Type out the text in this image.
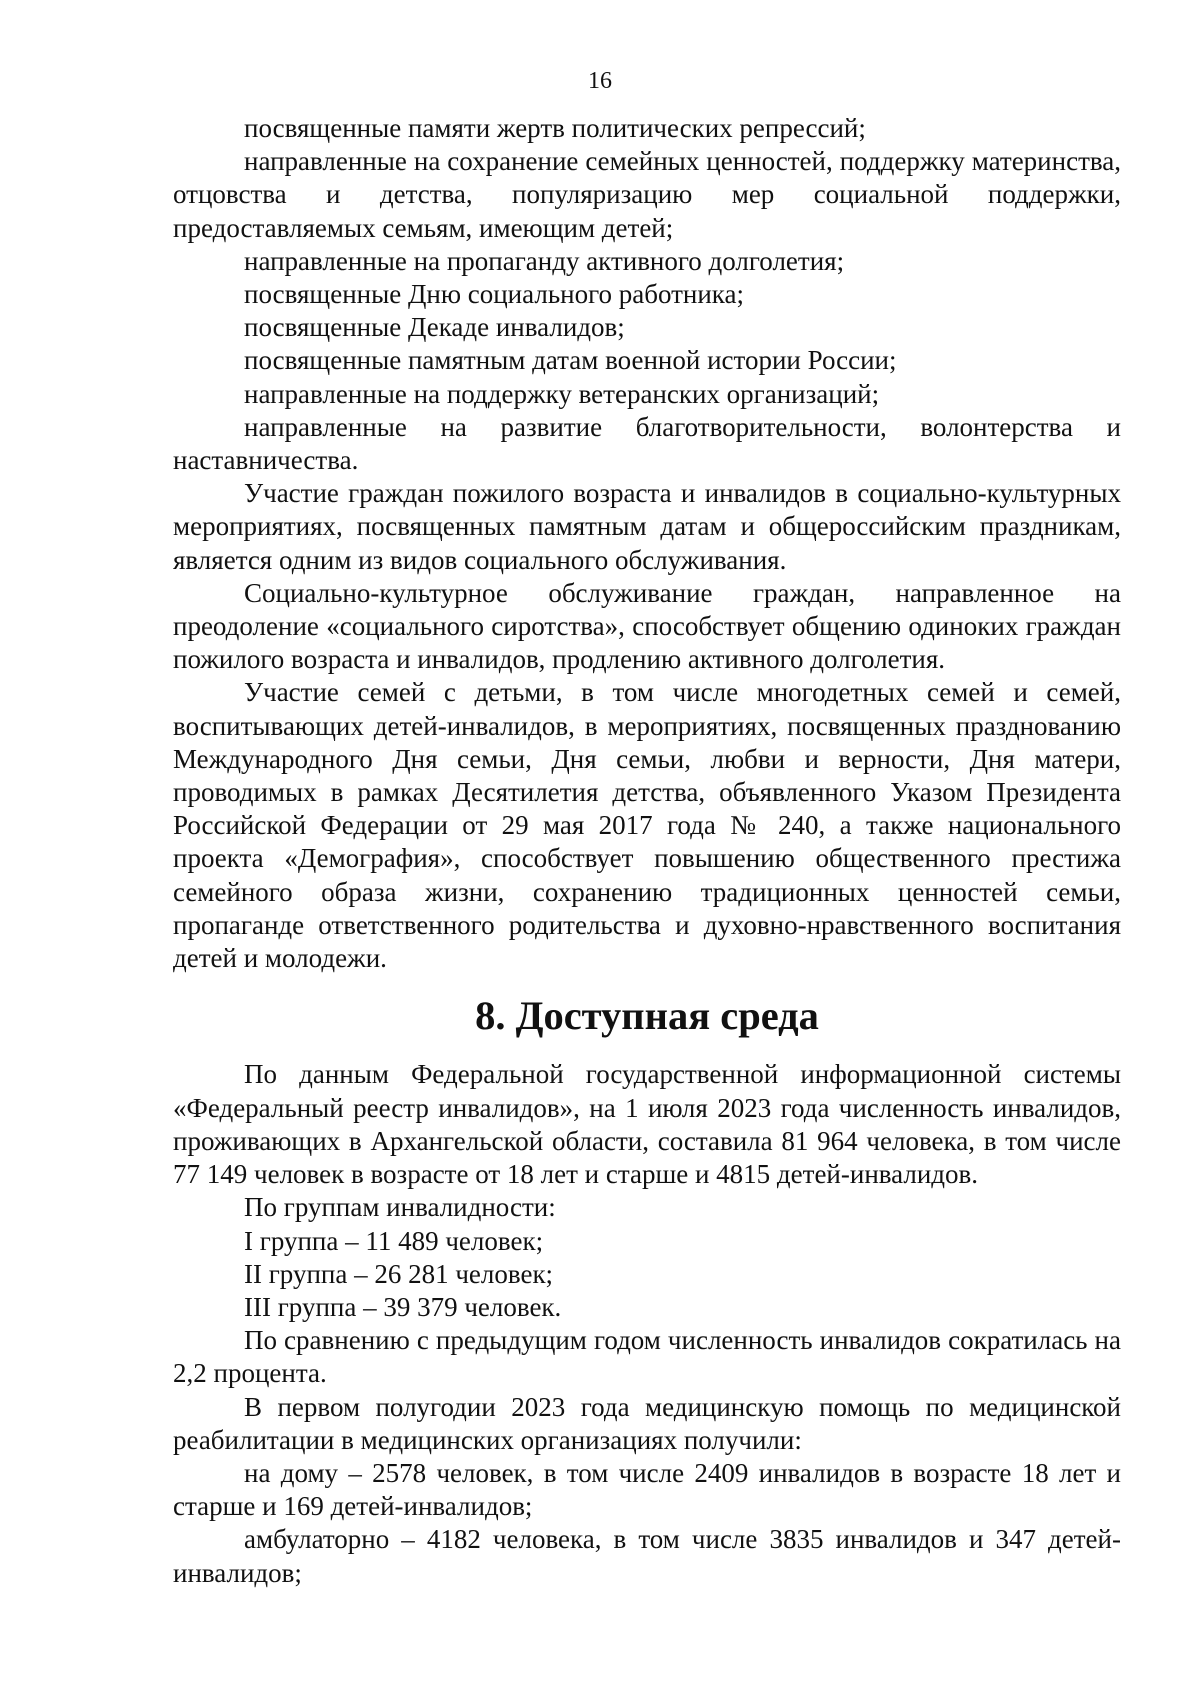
16

посвященные памяти жертв политических репрессий;

направленные на сохранение семейных ценностей, поддержку материнства, отцовства и детства, популяризацию мер социальной поддержки, предоставляемых семьям, имеющим детей;

направленные на пропаганду активного долголетия;

посвященные Дню социального работника;

посвященные Декаде инвалидов;

посвященные памятным датам военной истории России;

направленные на поддержку ветеранских организаций;

направленные на развитие благотворительности, волонтерства и наставничества.

Участие граждан пожилого возраста и инвалидов в социально-культурных мероприятиях, посвященных памятным датам и общероссийским праздникам, является одним из видов социального обслуживания.

Социально-культурное обслуживание граждан, направленное на преодоление «социального сиротства», способствует общению одиноких граждан пожилого возраста и инвалидов, продлению активного долголетия.

Участие семей с детьми, в том числе многодетных семей и семей, воспитывающих детей-инвалидов, в мероприятиях, посвященных празднованию Международного Дня семьи, Дня семьи, любви и верности, Дня матери, проводимых в рамках Десятилетия детства, объявленного Указом Президента Российской Федерации от 29 мая 2017 года № 240, а также национального проекта «Демография», способствует повышению общественного престижа семейного образа жизни, сохранению традиционных ценностей семьи, пропаганде ответственного родительства и духовно-нравственного воспитания детей и молодежи.

8. Доступная среда

По данным Федеральной государственной информационной системы «Федеральный реестр инвалидов», на 1 июля 2023 года численность инвалидов, проживающих в Архангельской области, составила 81 964 человека, в том числе 77 149 человек в возрасте от 18 лет и старше и 4815 детей-инвалидов.

По группам инвалидности:

I группа – 11 489 человек;

II группа – 26 281 человек;

III группа – 39 379 человек.

По сравнению с предыдущим годом численность инвалидов сократилась на 2,2 процента.

В первом полугодии 2023 года медицинскую помощь по медицинской реабилитации в медицинских организациях получили:

на дому – 2578 человек, в том числе 2409 инвалидов в возрасте 18 лет и старше и 169 детей-инвалидов;

амбулаторно – 4182 человека, в том числе 3835 инвалидов и 347 детей-инвалидов;
